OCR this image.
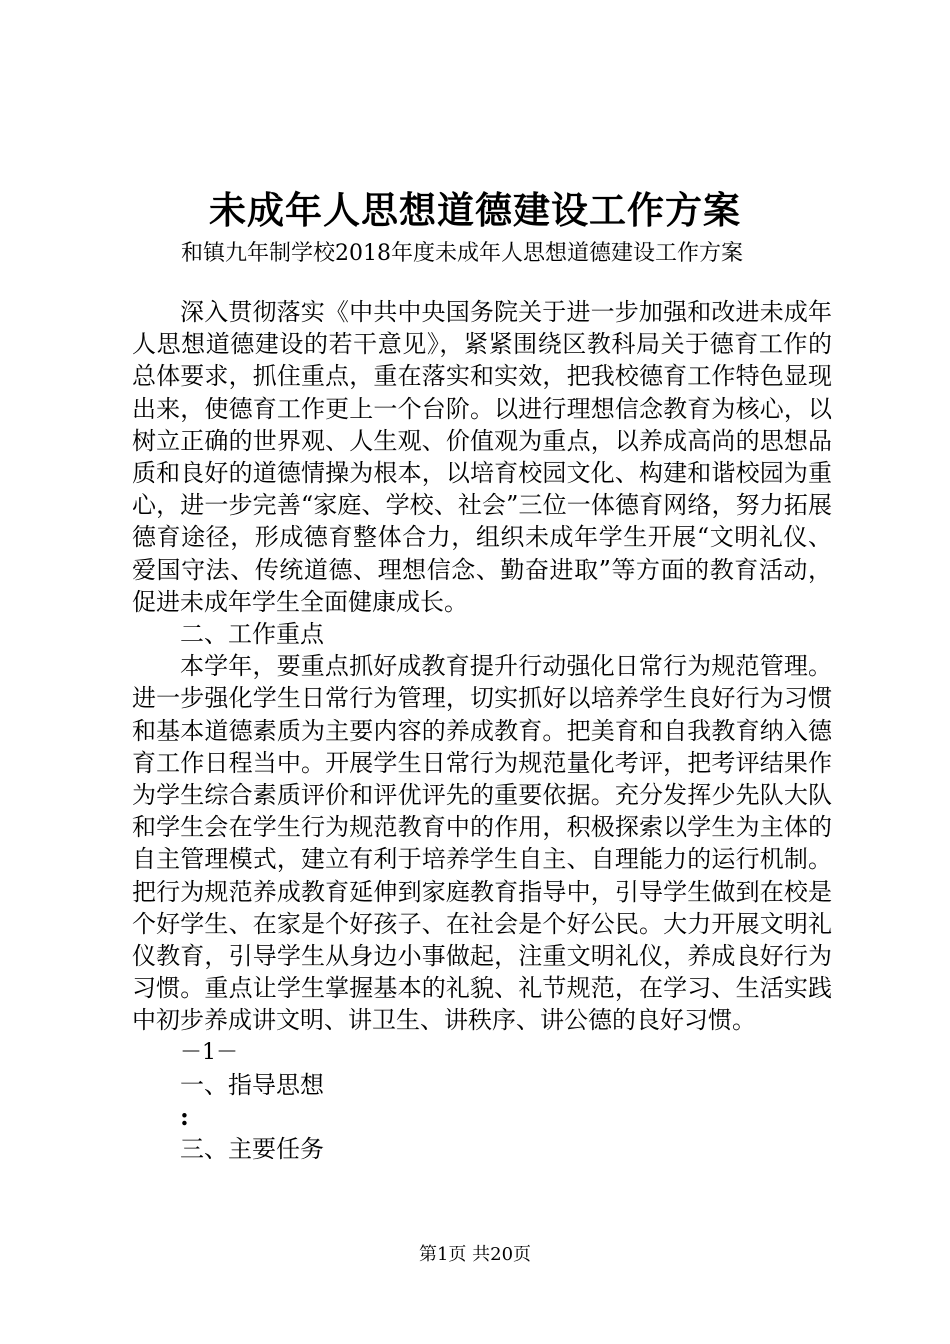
未成年人思想道德建设工作方案

和镇九年制学校2018年度未成年人思想道德建设工作方案

深入贯彻落实《中共中央国务院关于进一步加强和改进未成年人思想道德建设的若干意见》，紧紧围绕区教科局关于德育工作的总体要求，抓住重点，重在落实和实效，把我校德育工作特色显现出来，使德育工作更上一个台阶。以进行理想信念教育为核心，以树立正确的世界观、人生观、价值观为重点，以养成高尚的思想品质和良好的道德情操为根本，以培育校园文化、构建和谐校园为重心，进一步完善“家庭、学校、社会”三位一体德育网络，努力拓展德育途径，形成德育整体合力，组织未成年学生开展“文明礼仪、爱国守法、传统道德、理想信念、勤奋进取”等方面的教育活动，促进未成年学生全面健康成长。

二、工作重点

本学年，要重点抓好成教育提升行动强化日常行为规范管理。进一步强化学生日常行为管理，切实抓好以培养学生良好行为习惯和基本道德素质为主要内容的养成教育。把美育和自我教育纳入德育工作日程当中。开展学生日常行为规范量化考评，把考评结果作为学生综合素质评价和评优评先的重要依据。充分发挥少先队大队和学生会在学生行为规范教育中的作用，积极探索以学生为主体的自主管理模式，建立有利于培养学生自主、自理能力的运行机制。把行为规范养成教育延伸到家庭教育指导中，引导学生做到在校是个好学生、在家是个好孩子、在社会是个好公民。大力开展文明礼仪教育，引导学生从身边小事做起，注重文明礼仪，养成良好行为习惯。重点让学生掌握基本的礼貌、礼节规范，在学习、生活实践中初步养成讲文明、讲卫生、讲秩序、讲公德的良好习惯。

－1－

一、指导思想

:

三、主要任务

第1页 共20页
